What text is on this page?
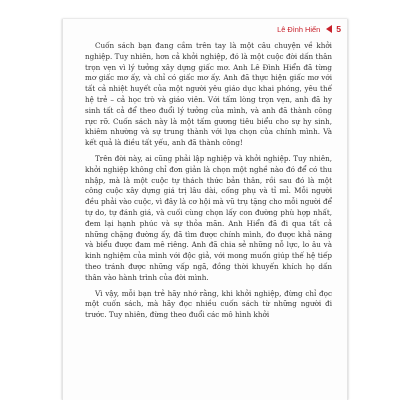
Lê Đình Hiển 5

Cuốn sách bạn đang cầm trên tay là một câu chuyện về khởi nghiệp. Tuy nhiên, hơn cả khởi nghiệp, đó là một cuộc đời dấn thân trọn vẹn vì lý tưởng xây dựng giấc mơ. Anh Lê Đình Hiển đã từng mơ giấc mơ ấy, và chỉ có giấc mơ ấy. Anh đã thực hiện giấc mơ với tất cả nhiệt huyết của một người yêu giáo dục khai phóng, yêu thế hệ trẻ – cả học trò và giáo viên. Với tấm lòng trọn vẹn, anh đã hy sinh tất cả để theo đuổi lý tưởng của mình, và anh đã thành công rực rỡ. Cuốn sách này là một tấm gương tiêu biểu cho sự hy sinh, khiêm nhường và sự trung thành với lựa chọn của chính mình. Và kết quả là điều tất yếu, anh đã thành công!

Trên đời này, ai cũng phải lập nghiệp và khởi nghiệp. Tuy nhiên, khởi nghiệp không chỉ đơn giản là chọn một nghề nào đó để có thu nhập, mà là một cuộc tự thách thức bản thân, rồi sau đó là một công cuộc xây dựng giá trị lâu dài, cống phụ và tỉ mỉ. Mỗi người đều phải vào cuộc, vì đây là cơ hội mà vũ trụ tặng cho mỗi người để tự do, tự đánh giá, và cuối cùng chọn lấy con đường phù hợp nhất, đem lại hạnh phúc và sự thỏa mãn. Anh Hiển đã đi qua tất cả những chặng đường ấy, đã tìm được chính mình, đo được khả năng và biểu được đam mê riêng. Anh đã chia sẻ những nỗ lực, lo âu và kinh nghiệm của mình với độc giả, với mong muốn giúp thế hệ tiếp theo tránh được những vấp ngã, đồng thời khuyến khích họ dấn thân vào hành trình của đời mình.

Vì vậy, mỗi bạn trẻ hãy nhớ rằng, khi khởi nghiệp, đừng chỉ đọc một cuốn sách, mà hãy đọc nhiều cuốn sách từ những người đi trước. Tuy nhiên, đừng theo đuổi các mô hình khởi
